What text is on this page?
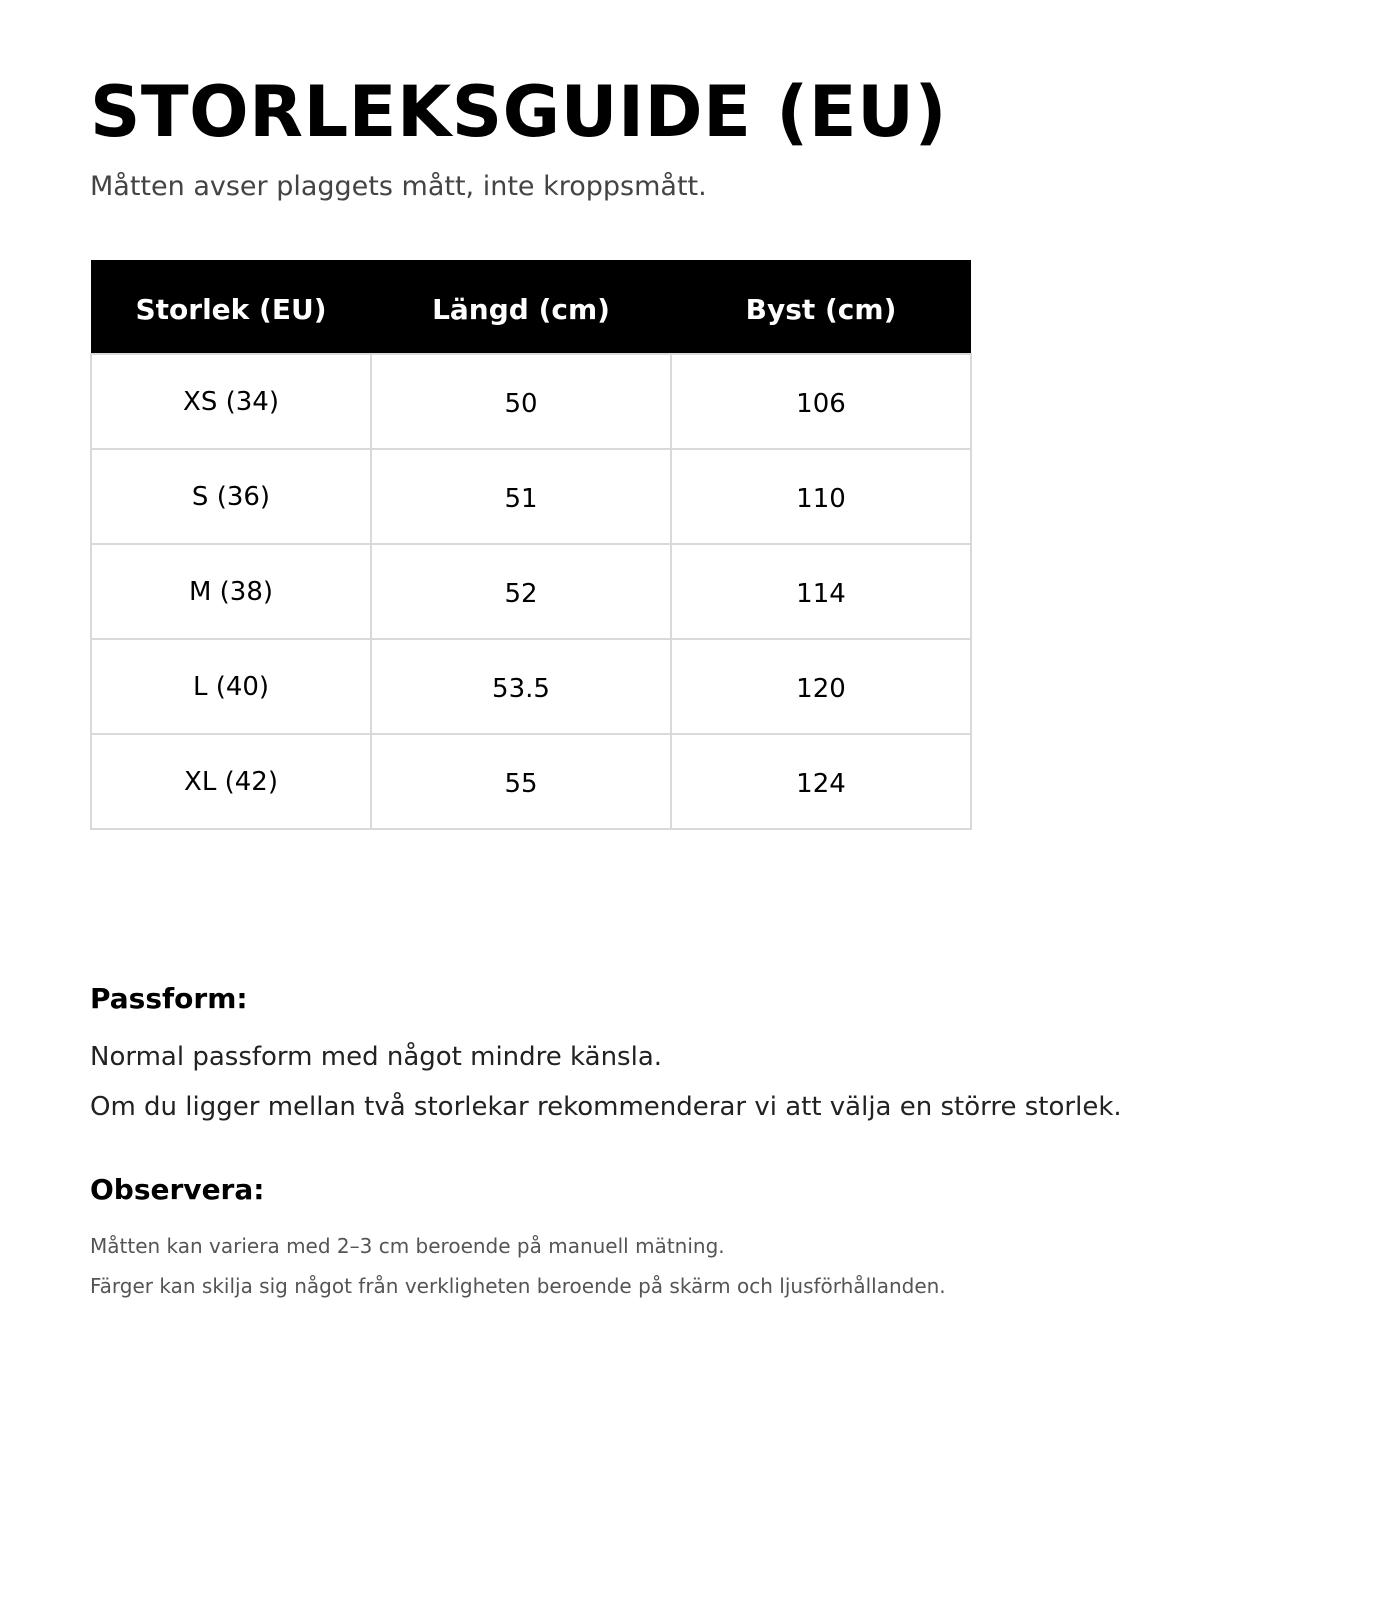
STORLEKSGUIDE (EU)

Måtten avser plaggets mått, inte kroppsmått.

Storlek (EU)	Längd (cm)	Byst (cm)
XS (34)	50	106
S (36)	51	110
M (38)	52	114
L (40)	53.5	120
XL (42)	55	124
Passform:

Normal passform med något mindre känsla.

Om du ligger mellan två storlekar rekommenderar vi att välja en större storlek.

Observera:

Måtten kan variera med 2–3 cm beroende på manuell mätning.

Färger kan skilja sig något från verkligheten beroende på skärm och ljusförhållanden.
